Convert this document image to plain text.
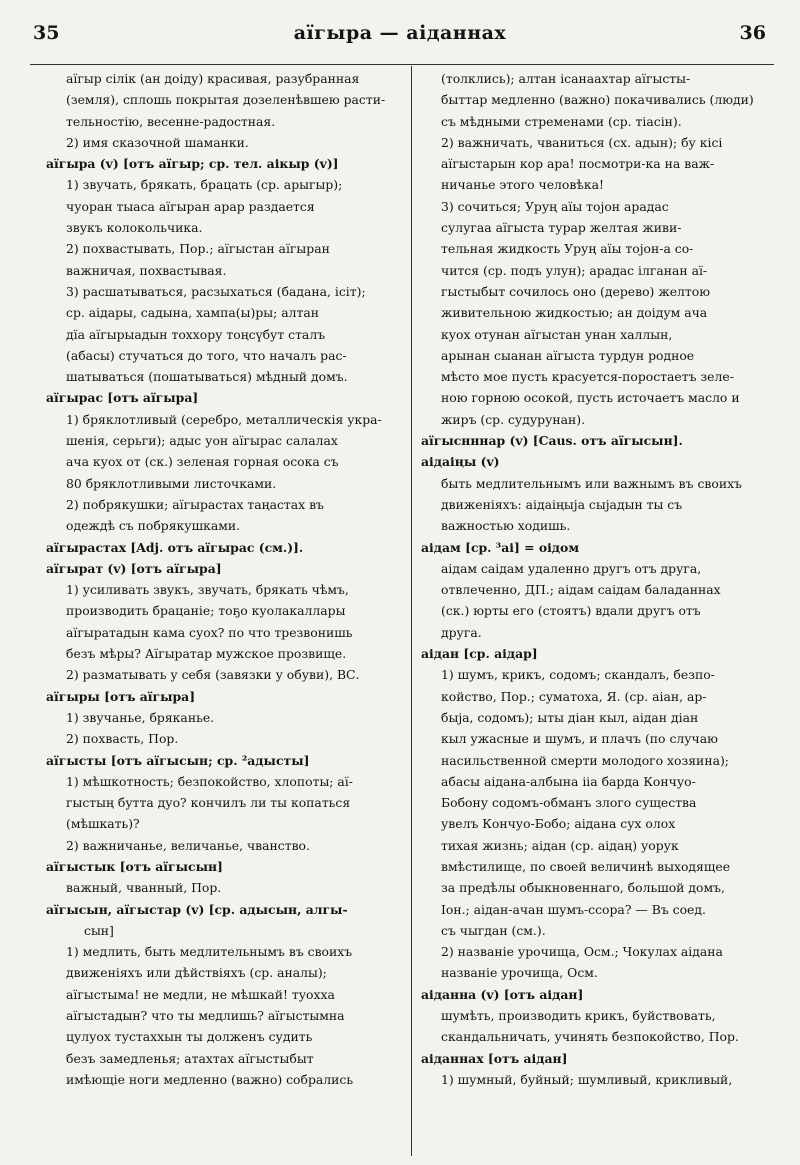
35	аїгыра — аіданнах	36

аїгыр сілік (ан доіду) красивая, разубранная

(земля), сплошь покрытая дозеленѣвшею расти-

тельностію, весенне-радостная.

2) имя сказочной шаманки.

аїгыра (v) [отъ аїгыр; ср. тел. аікыр (v)]

1) звучать, брякать, брацать (ср. арыгыр);

чуоран тыаса аїгыран арар раздается

звукъ колокольчика.

2) похвастывать, Пор.; аїгыстан аїгыран

важничая, похвастывая.

3) расшатываться, расзыхаться (бадана, ісіт);

ср. аідары, садына, хампа(ы)ры; алтан

дїа аїгырыадын тоххору тоңсүбут сталъ

(абасы) стучаться до того, что началъ рас-

шатываться (пошатываться) мѣдный домъ.

аїгырас [отъ аїгыра]

1) бряклотливый (серебро, металлическія укра-

шенія, серьги); адыс уон аїгырас салалах

ача куох от (ск.) зеленая горная осока съ

80 бряклотливыми листочками.

2) побрякушки; аїгырастах таңастах въ

одеждѣ съ побрякушками.

аїгырастах [Adj. отъ аїгырас (см.)].

аїгырат (v) [отъ аїгыра]

1) усиливать звукъ, звучать, брякать чѣмъ,

производить брацаніе; тоҕо куолакаллары

аїгыратадын кама суох? по что трезвонишь

безъ мѣры? Аїгыратар мужское прозвище.

2) разматывать у себя (завязки у обуви), ВС.

аїгыры [отъ аїгыра]

1) звучанье, бряканье.

2) похвасть, Пор.

аїгысты [отъ аїгысын; ср. ²адысты]

1) мѣшкотность; безпокойство, хлопоты; аї-

гыстың бутта дуо? кончилъ ли ты копаться

(мѣшкать)?

2) важничанье, величанье, чванство.

аїгыстык [отъ аїгысын]

важный, чванный, Пор.

аїгысын, аїгыстар (v) [ср. адысын, алгы-

сын]

1) медлить, быть медлительнымъ въ своихъ

движеніяхъ или дѣйствіяхъ (ср. аналы);

аїгыстыма! не медли, не мѣшкай! туохха

аїгыстадын? что ты медлишь? аїгыстымна

цулуох тустаххын ты долженъ судить

безъ замедленья; атахтах аїгыстыбыт

имѣющіе ноги медленно (важно) собрались

(толклись); алтан ісанаахтар аїгысты-

быттар медленно (важно) покачивались (люди)

съ мѣдными стременами (ср. тіасін).

2) важничать, чваниться (сх. адын); бу кісі

аїгыстарын кор ара! посмотри-ка на важ-

ничанье этого человѣка!

3) сочиться; Уруң аїы тоjон арадас

сулугаа аїгыста турар желтая живи-

тельная жидкость Уруң аїы тоjон-а со-

чится (ср. подъ улун); арадас ілганан аї-

гыстыбыт сочилось оно (дерево) желтою

живительною жидкостью; ан доідум ача

куох отунан аїгыстан унан халлын,

арынан сыанан аїгыста турдун родное

мѣсто мое пусть красуется-поростаетъ зеле-

ною горною осокой, пусть источаетъ масло и

жиръ (ср. судурунан).

аїгыснннар (v) [Caus. отъ аїгысын].

аідаіңы (v)

быть медлительнымъ или важнымъ въ своихъ

движеніяхъ: аідаіңыja сыјадын ты съ

важностью ходишь.

аідам [ср. ³аі] = оідом

аідам саідам удаленно другъ отъ друга,

отвлеченно, ДП.; аідам саідам баладаннах

(ск.) юрты его (стоятъ) вдали другъ отъ

друга.

аідан [ср. аідар]

1) шумъ, крикъ, содомъ; скандалъ, безпо-

койство, Пор.; суматоха, Я. (ср. аіан, ар-

быја, содомъ); ыты діан кыл, аідан діан

кыл ужасные и шумъ, и плачъ (по случаю

насильственной смерти молодого хозяина);

абасы аідана-албына ііа барда Кончуо-

Бобону содомъ-обманъ злого существа

увелъ Кончуо-Бобо; аідана сух олох

тихая жизнь; аідан (ср. аідаң) уорук

вмѣстилище, по своей величинѣ выходящее

за предѣлы обыкновеннаго, большой домъ,

Іон.; аідан-ачан шумъ-ссора? — Въ соед.

съ чыгдан (см.).

2) названіе урочища, Осм.; Чокулах аідана

названіе урочища, Осм.

аіданна (v) [отъ аідан]

шумѣть, производить крикъ, буйствовать,

скандальничать, учинять безпокойство, Пор.

аіданнах [отъ аідан]

1) шумный, буйный; шумливый, крикливый,
